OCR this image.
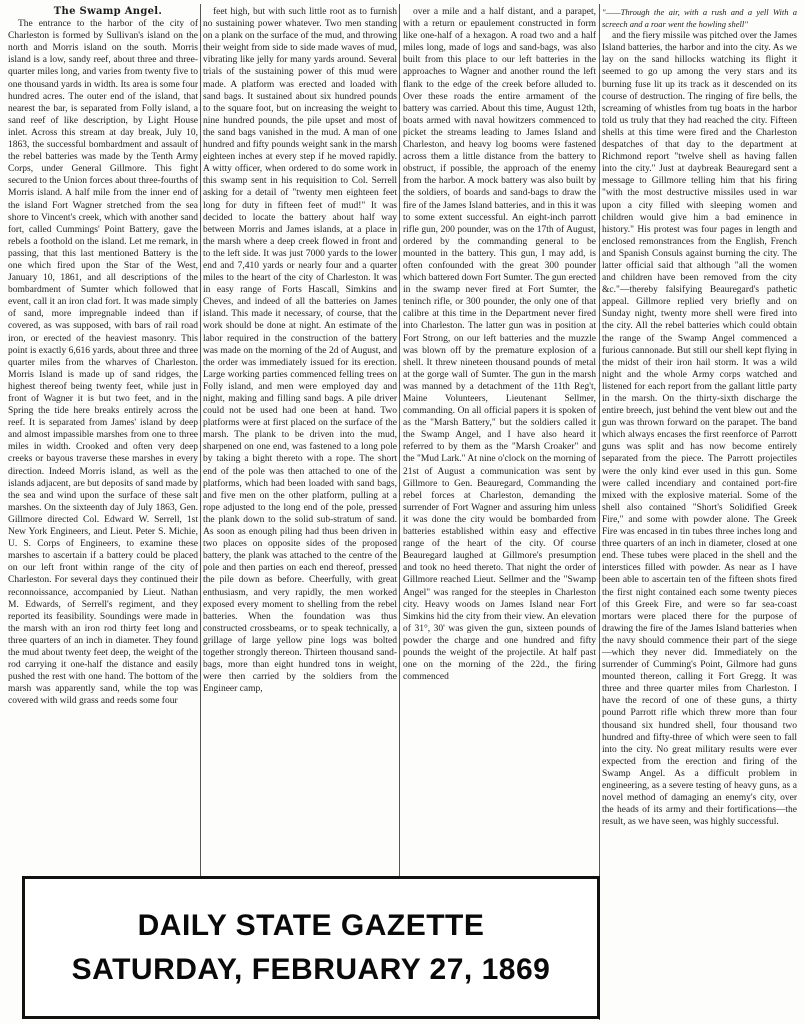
The Swamp Angel.

The entrance to the harbor of the city of Charleston is formed by Sullivan's island on the north and Morris island on the south. Morris island is a low, sandy reef, about three and three-quarter miles long, and varies from twenty five to one thousand yards in width. Its area is some four hundred acres. The outer end of the island, that nearest the bar, is separated from Folly island, a sand reef of like description, by Light House inlet. Across this stream at day break, July 10, 1863, the successful bombardment and assault of the rebel batteries was made by the Tenth Army Corps, under General Gillmore. This fight secured to the Union forces about three-fourths of Morris island. A half mile from the inner end of the island Fort Wagner stretched from the sea shore to Vincent's creek, which with another sand fort, called Cummings' Point Battery, gave the rebels a foothold on the island. Let me remark, in passing, that this last mentioned Battery is the one which fired upon the Star of the West, January 10, 1861, and all descriptions of the bombardment of Sumter which followed that event, call it an iron clad fort. It was made simply of sand, more impregnable indeed than if covered, as was supposed, with bars of rail road iron, or erected of the heaviest masonry. This point is exactly 6,616 yards, about three and three quarter miles from the wharves of Charleston. Morris Island is made up of sand ridges, the highest thereof being twenty feet, while just in front of Wagner it is but two feet, and in the Spring the tide here breaks entirely across the reef. It is separated from James' island by deep and almost impassible marshes from one to three miles in width. Crooked and often very deep creeks or bayous traverse these marshes in every direction. Indeed Morris island, as well as the islands adjacent, are but deposits of sand made by the sea and wind upon the surface of these salt marshes. On the sixteenth day of July 1863, Gen. Gillmore directed Col. Edward W. Serrell, 1st New York Engineers, and Lieut. Peter S. Michie, U. S. Corps of Engineers, to examine these marshes to ascertain if a battery could be placed on our left front within range of the city of Charleston. For several days they continued their reconnoissance, accompanied by Lieut. Nathan M. Edwards, of Serrell's regiment, and they reported its feasibility. Soundings were made in the marsh with an iron rod thirty feet long and three quarters of an inch in diameter. They found the mud about twenty feet deep, the weight of the rod carrying it one-half the distance and easily pushed the rest with one hand. The bottom of the marsh was apparently sand, while the top was covered with wild grass and reeds some four

feet high, but with such little root as to furnish no sustaining power whatever. Two men standing on a plank on the surface of the mud, and throwing their weight from side to side made waves of mud, vibrating like jelly for many yards around. Several trials of the sustaining power of this mud were made. A platform was erected and loaded with sand bags. It sustained about six hundred pounds to the square foot, but on increasing the weight to nine hundred pounds, the pile upset and most of the sand bags vanished in the mud. A man of one hundred and fifty pounds weight sank in the marsh eighteen inches at every step if he moved rapidly. A witty officer, when ordered to do some work in this swamp sent in his requisition to Col. Serrell asking for a detail of "twenty men eighteen feet long for duty in fifteen feet of mud!" It was decided to locate the battery about half way between Morris and James islands, at a place in the marsh where a deep creek flowed in front and to the left side. It was just 7000 yards to the lower end and 7,410 yards or nearly four and a quarter miles to the heart of the city of Charleston. It was in easy range of Forts Hascall, Simkins and Cheves, and indeed of all the batteries on James island. This made it necessary, of course, that the work should be done at night. An estimate of the labor required in the construction of the battery was made on the morning of the 2d of August, and the order was immediately issued for its erection. Large working parties commenced felling trees on Folly island, and men were employed day and night, making and filling sand bags. A pile driver could not be used had one been at hand. Two platforms were at first placed on the surface of the marsh. The plank to be driven into the mud, sharpened on one end, was fastened to a long pole by taking a bight thereto with a rope. The short end of the pole was then attached to one of the platforms, which had been loaded with sand bags, and five men on the other platform, pulling at a rope adjusted to the long end of the pole, pressed the plank down to the solid sub-stratum of sand. As soon as enough piling had thus been driven in two places on opposite sides of the proposed battery, the plank was attached to the centre of the pole and then parties on each end thereof, pressed the pile down as before. Cheerfully, with great enthusiasm, and very rapidly, the men worked exposed every moment to shelling from the rebel batteries. When the foundation was thus constructed crossbeams, or to speak technically, a grillage of large yellow pine logs was bolted together strongly thereon. Thirteen thousand sand-bags, more than eight hundred tons in weight, were then carried by the soldiers from the Engineer camp,

over a mile and a half distant, and a parapet, with a return or epaulement constructed in form like one-half of a hexagon. A road two and a half miles long, made of logs and sand-bags, was also built from this place to our left batteries in the approaches to Wagner and another round the left flank to the edge of the creek before alluded to. Over these roads the entire armament of the battery was carried. About this time, August 12th, boats armed with naval howitzers commenced to picket the streams leading to James Island and Charleston, and heavy log booms were fastened across them a little distance from the battery to obstruct, if possible, the approach of the enemy from the harbor. A mock battery was also built by the soldiers, of boards and sand-bags to draw the fire of the James Island batteries, and in this it was to some extent successful. An eight-inch parrott rifle gun, 200 pounder, was on the 17th of August, ordered by the commanding general to be mounted in the battery. This gun, I may add, is often confounded with the great 300 pounder which battered down Fort Sumter. The gun erected in the swamp never fired at Fort Sumter, the teninch rifle, or 300 pounder, the only one of that calibre at this time in the Department never fired into Charleston. The latter gun was in position at Fort Strong, on our left batteries and the muzzle was blown off by the premature explosion of a shell. It threw nineteen thousand pounds of metal at the gorge wall of Sumter. The gun in the marsh was manned by a detachment of the 11th Reg't, Maine Volunteers, Lieutenant Sellmer, commanding. On all official papers it is spoken of as the "Marsh Battery," but the soldiers called it the Swamp Angel, and I have also heard it referred to by them as the "Marsh Croaker" and the "Mud Lark." At nine o'clock on the morning of 21st of August a communication was sent by Gillmore to Gen. Beauregard, Commanding the rebel forces at Charleston, demanding the surrender of Fort Wagner and assuring him unless it was done the city would be bombarded from batteries established within easy and effective range of the heart of the city. Of course Beauregard laughed at Gillmore's presumption and took no heed thereto. That night the order of Gillmore reached Lieut. Sellmer and the "Swamp Angel" was ranged for the steeples in Charleston city. Heavy woods on James Island near Fort Simkins hid the city from their view. An elevation of 31°, 30' was given the gun, sixteen pounds of powder the charge and one hundred and fifty pounds the weight of the projectile. At half past one on the morning of the 22d., the firing commenced

"——Through the air, with a rush and a yell With a screech and a roar went the howling shell"

and the fiery missile was pitched over the James Island batteries, the harbor and into the city. As we lay on the sand hillocks watching its flight it seemed to go up among the very stars and its burning fuse lit up its track as it descended on its course of destruction. The ringing of fire bells, the screaming of whistles from tug boats in the harbor told us truly that they had reached the city. Fifteen shells at this time were fired and the Charleston despatches of that day to the department at Richmond report "twelve shell as having fallen into the city." Just at daybreak Beauregard sent a message to Gillmore telling him that his firing "with the most destructive missiles used in war upon a city filled with sleeping women and children would give him a bad eminence in history." His protest was four pages in length and enclosed remonstrances from the English, French and Spanish Consuls against burning the city. The latter official said that although "all the women and children have been removed from the city &c."—thereby falsifying Beauregard's pathetic appeal. Gillmore replied very briefly and on Sunday night, twenty more shell were fired into the city. All the rebel batteries which could obtain the range of the Swamp Angel commenced a furious cannonade. But still our shell kept flying in the midst of their iron hail storm. It was a wild night and the whole Army corps watched and listened for each report from the gallant little party in the marsh. On the thirty-sixth discharge the entire breech, just behind the vent blew out and the gun was thrown forward on the parapet. The band which always encases the first reenforce of Parrott guns was split and has now become entirely separated from the piece. The Parrott projectiles were the only kind ever used in this gun. Some were called incendiary and contained port-fire mixed with the explosive material. Some of the shell also contained "Short's Solidified Greek Fire," and some with powder alone. The Greek Fire was encased in tin tubes three inches long and three quarters of an inch in diameter, closed at one end. These tubes were placed in the shell and the interstices filled with powder. As near as I have been able to ascertain ten of the fifteen shots fired the first night contained each some twenty pieces of this Greek Fire, and were so far sea-coast mortars were placed there for the purpose of drawing the fire of the James Island batteries when the navy should commence their part of the siege—which they never did. Immediately on the surrender of Cumming's Point, Gilmore had guns mounted thereon, calling it Fort Gregg. It was three and three quarter miles from Charleston. I have the record of one of these guns, a thirty pound Parrott rifle which threw more than four thousand six hundred shell, four thousand two hundred and fifty-three of which were seen to fall into the city. No great military results were ever expected from the erection and firing of the Swamp Angel. As a difficult problem in engineering, as a severe testing of heavy guns, as a novel method of damaging an enemy's city, over the heads of its army and their fortifications—the result, as we have seen, was highly successful.

DAILY STATE GAZETTE
SATURDAY, FEBRUARY 27, 1869
